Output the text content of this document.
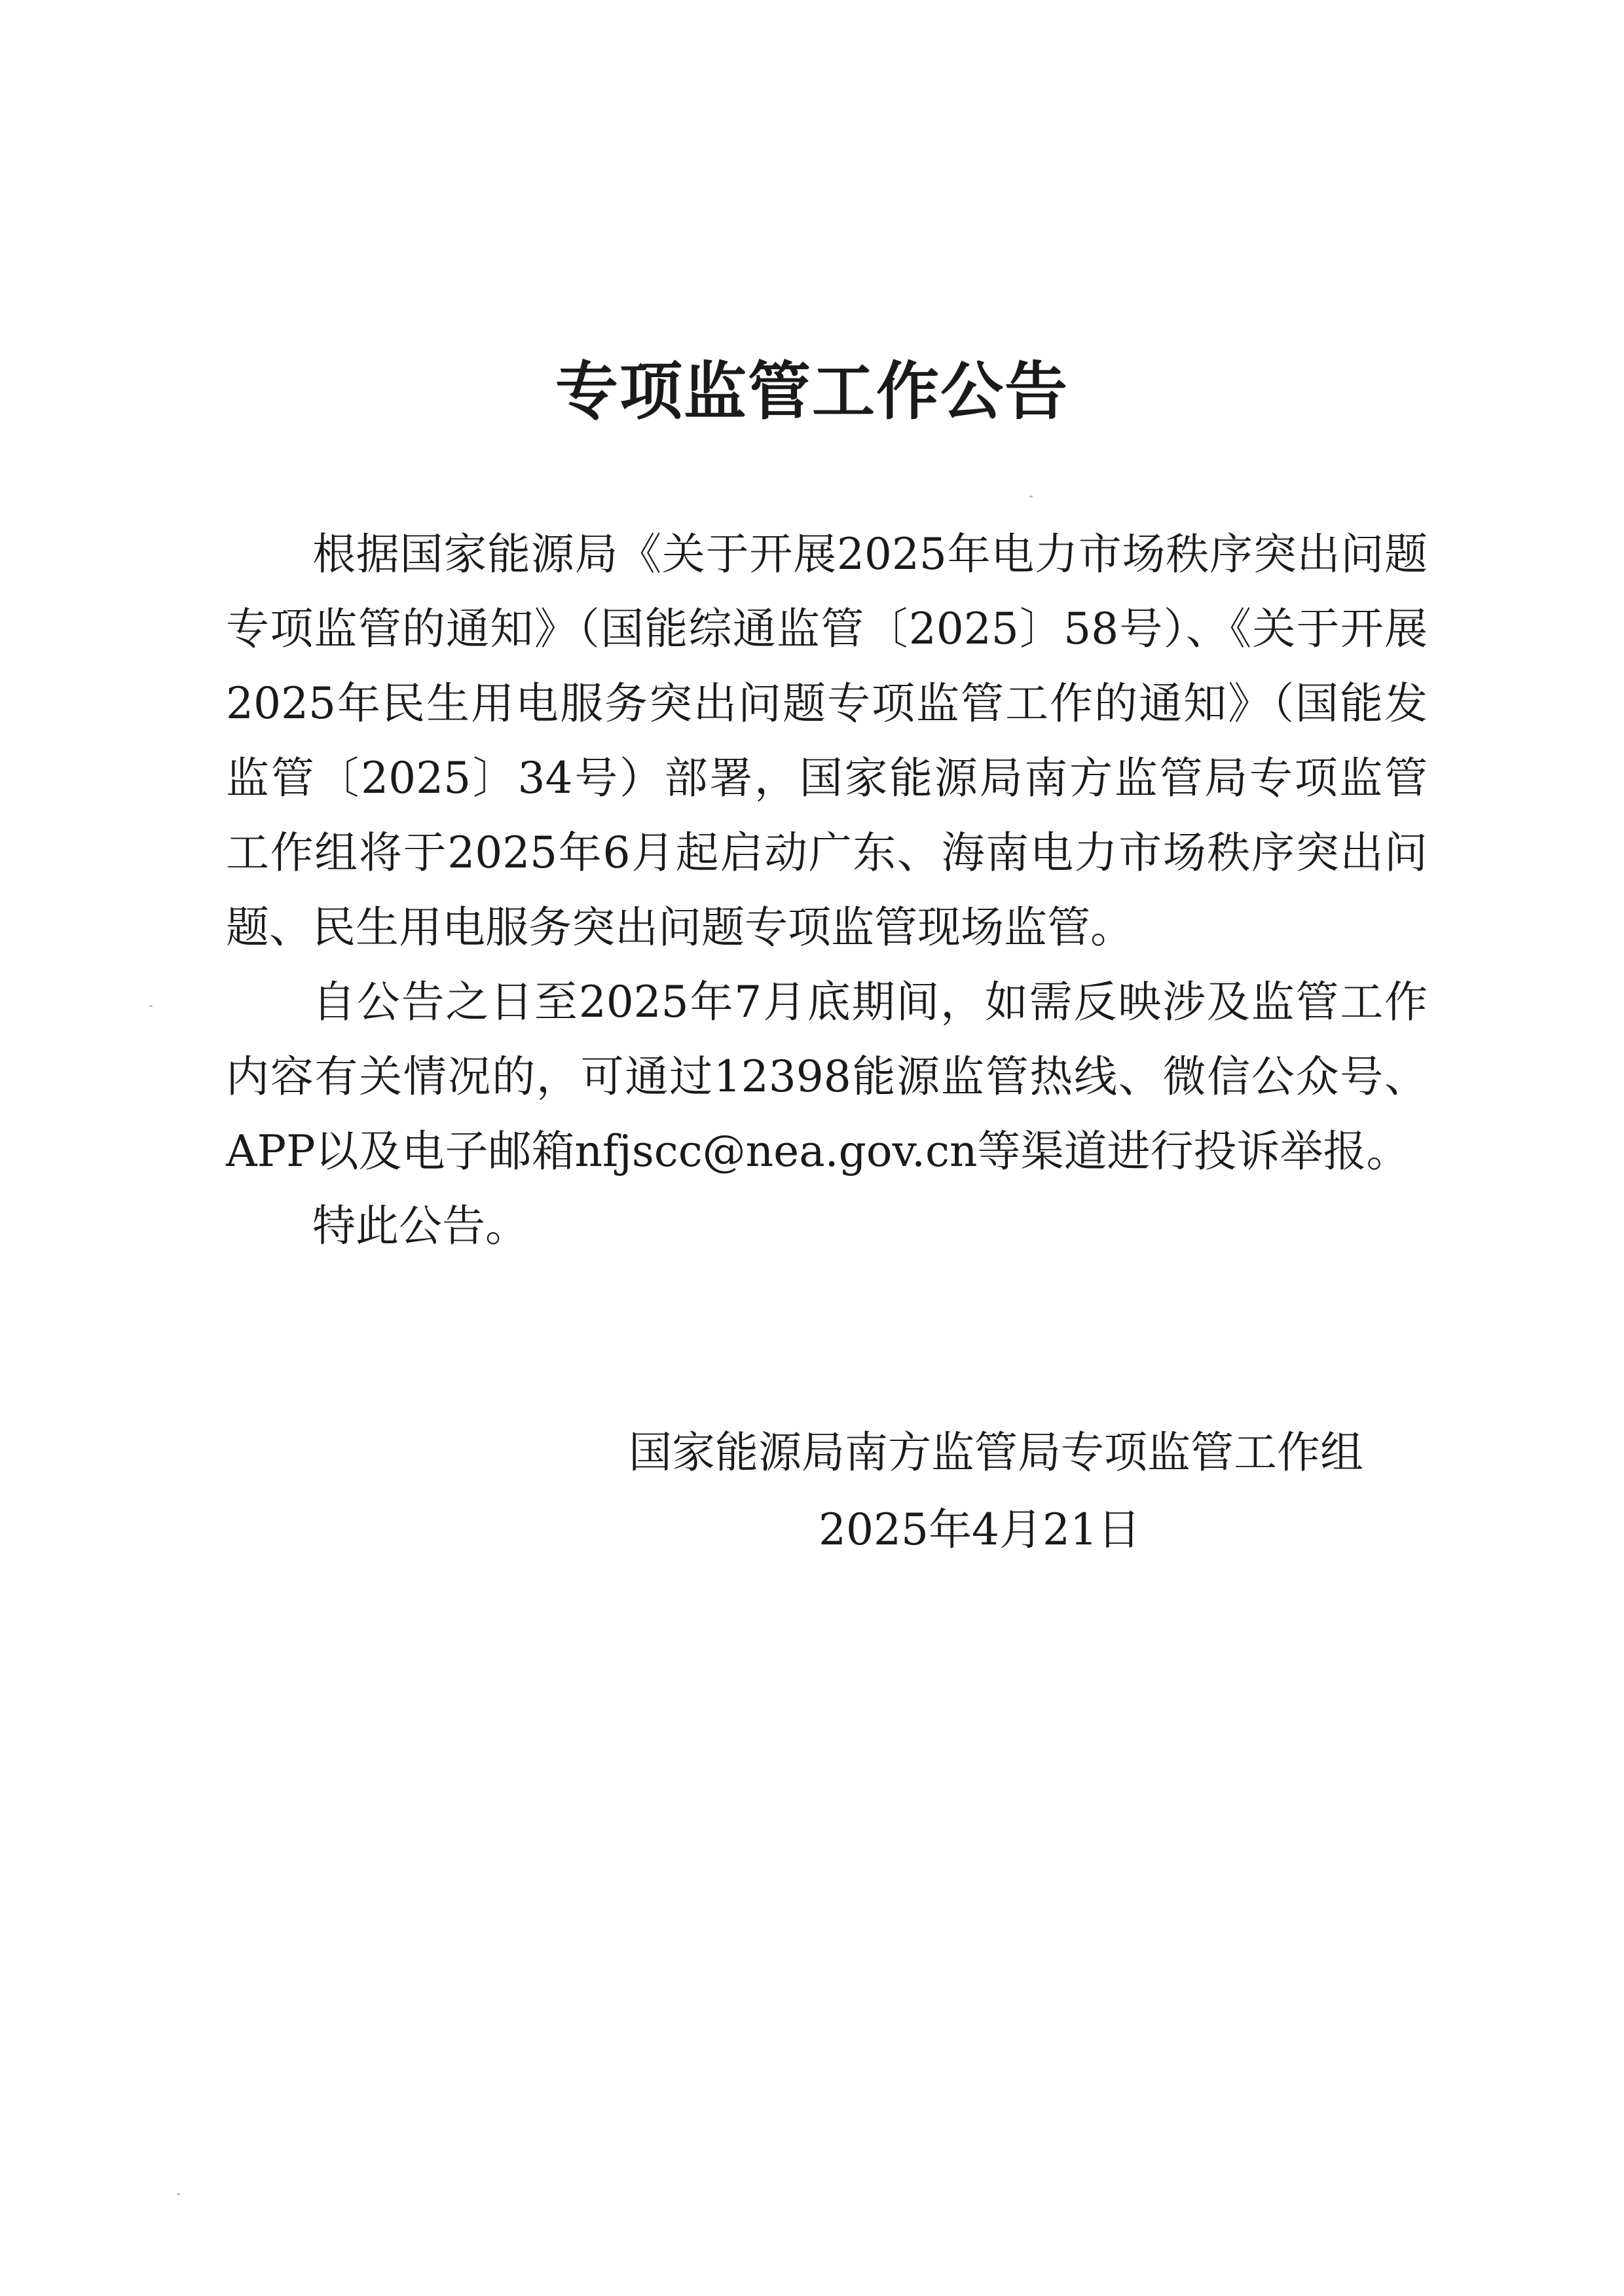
专项监管工作公告

根据国家能源局《关于开展2025年电力市场秩序突出问题专项监管的通知》（国能综通监管〔2025〕58号）、《关于开展2025年民生用电服务突出问题专项监管工作的通知》（国能发监管〔2025〕34号）部署，国家能源局南方监管局专项监管工作组将于2025年6月起启动广东、海南电力市场秩序突出问题、民生用电服务突出问题专项监管现场监管。

自公告之日至2025年7月底期间，如需反映涉及监管工作内容有关情况的，可通过12398能源监管热线、微信公众号、APP以及电子邮箱nfjscc@nea.gov.cn等渠道进行投诉举报。

特此公告。

国家能源局南方监管局专项监管工作组
2025年4月21日
